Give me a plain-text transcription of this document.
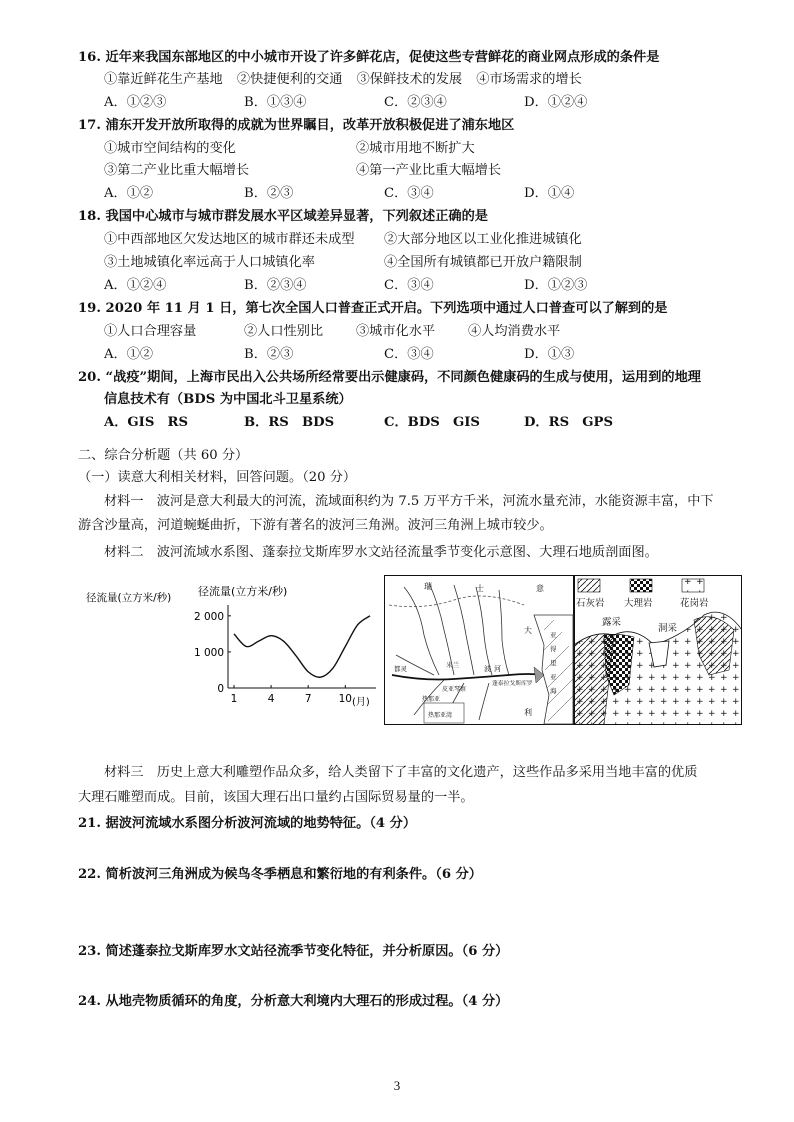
16. 近年来我国东部地区的中小城市开设了许多鲜花店，促使这些专营鲜花的商业网点形成的条件是
①靠近鲜花生产基地 ②快捷便利的交通 ③保鲜技术的发展 ④市场需求的增长
A．①②③	B．①③④	C．②③④	D．①②④
17. 浦东开发开放所取得的成就为世界瞩目，改革开放积极促进了浦东地区
①城市空间结构的变化	②城市用地不断扩大
③第二产业比重大幅增长	④第一产业比重大幅增长
A．①②	B．②③	C．③④	D．①④
18. 我国中心城市与城市群发展水平区域差异显著，下列叙述正确的是
①中西部地区欠发达地区的城市群还未成型 ②大部分地区以工业化推进城镇化
③土地城镇化率远高于人口城镇化率	④全国所有城镇都已开放户籍限制
A．①②④	B．②③④	C．③④	D．①②③
19. 2020 年 11 月 1 日，第七次全国人口普查正式开启。下列选项中通过人口普查可以了解到的是
①人口合理容量	②人口性别比 ③城市化水平 ④人均消费水平
A．①②	B．②③	C．③④	D．①③
20. “战疫”期间，上海市民出入公共场所经常要出示健康码，不同颜色健康码的生成与使用，运用到的地理
信息技术有（BDS 为中国北斗卫星系统）
A．GIS　RS	B．RS　BDS	C．BDS　GIS	D．RS　GPS
二、综合分析题（共 60 分）
（一）读意大利相关材料，回答问题。（20 分）
材料一　波河是意大利最大的河流，流域面积约为 7.5 万平方千米，河流水量充沛，水能资源丰富，中下
游含沙量高，河道蜿蜒曲折，下游有著名的波河三角洲。波河三角洲上城市较少。
材料二　波河流域水系图、蓬泰拉戈斯库罗水文站径流量季节变化示意图、大理石地质剖面图。
径流量(立方米/秒) 径流量(立方米/秒)
0
1 000
2 000
1	4	7	10 (月)
瑞	士	意
大
利
米兰
皮亚琴察
蓬泰拉戈斯库罗
亚
得
里
亚
海
热那亚湾
波 河
热那亚
都灵
石灰岩 大理岩	花岗岩
露采
洞采
材料三　历史上意大利雕塑作品众多，给人类留下了丰富的文化遗产，这些作品多采用当地丰富的优质
大理石雕塑而成。目前，该国大理石出口量约占国际贸易量的一半。
21. 据波河流域水系图分析波河流域的地势特征。（4 分）
22. 简析波河三角洲成为候鸟冬季栖息和繁衍地的有利条件。（6 分）
23. 简述蓬泰拉戈斯库罗水文站径流季节变化特征，并分析原因。（6 分）
24. 从地壳物质循环的角度，分析意大利境内大理石的形成过程。（4 分）
3
